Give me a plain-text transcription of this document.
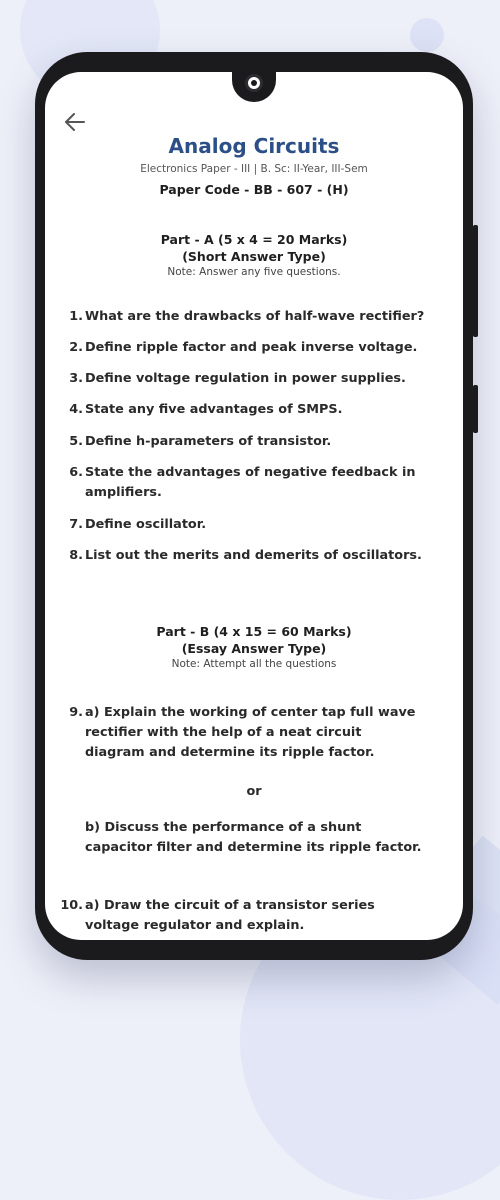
Analog Circuits
Electronics Paper - III | B. Sc: II-Year, III-Sem
Paper Code - BB - 607 - (H)
Part - A (5 x 4 = 20 Marks)
(Short Answer Type)
Note: Answer any five questions.
1. What are the drawbacks of half-wave rectifier?
2. Define ripple factor and peak inverse voltage.
3. Define voltage regulation in power supplies.
4. State any five advantages of SMPS.
5. Define h-parameters of transistor.
6. State the advantages of negative feedback in amplifiers.
7. Define oscillator.
8. List out the merits and demerits of oscillators.
Part - B (4 x 15 = 60 Marks)
(Essay Answer Type)
Note: Attempt all the questions
9. a) Explain the working of center tap full wave rectifier with the help of a neat circuit diagram and determine its ripple factor.
or
b) Discuss the performance of a shunt capacitor filter and determine its ripple factor.
10. a) Draw the circuit of a transistor series voltage regulator and explain.
